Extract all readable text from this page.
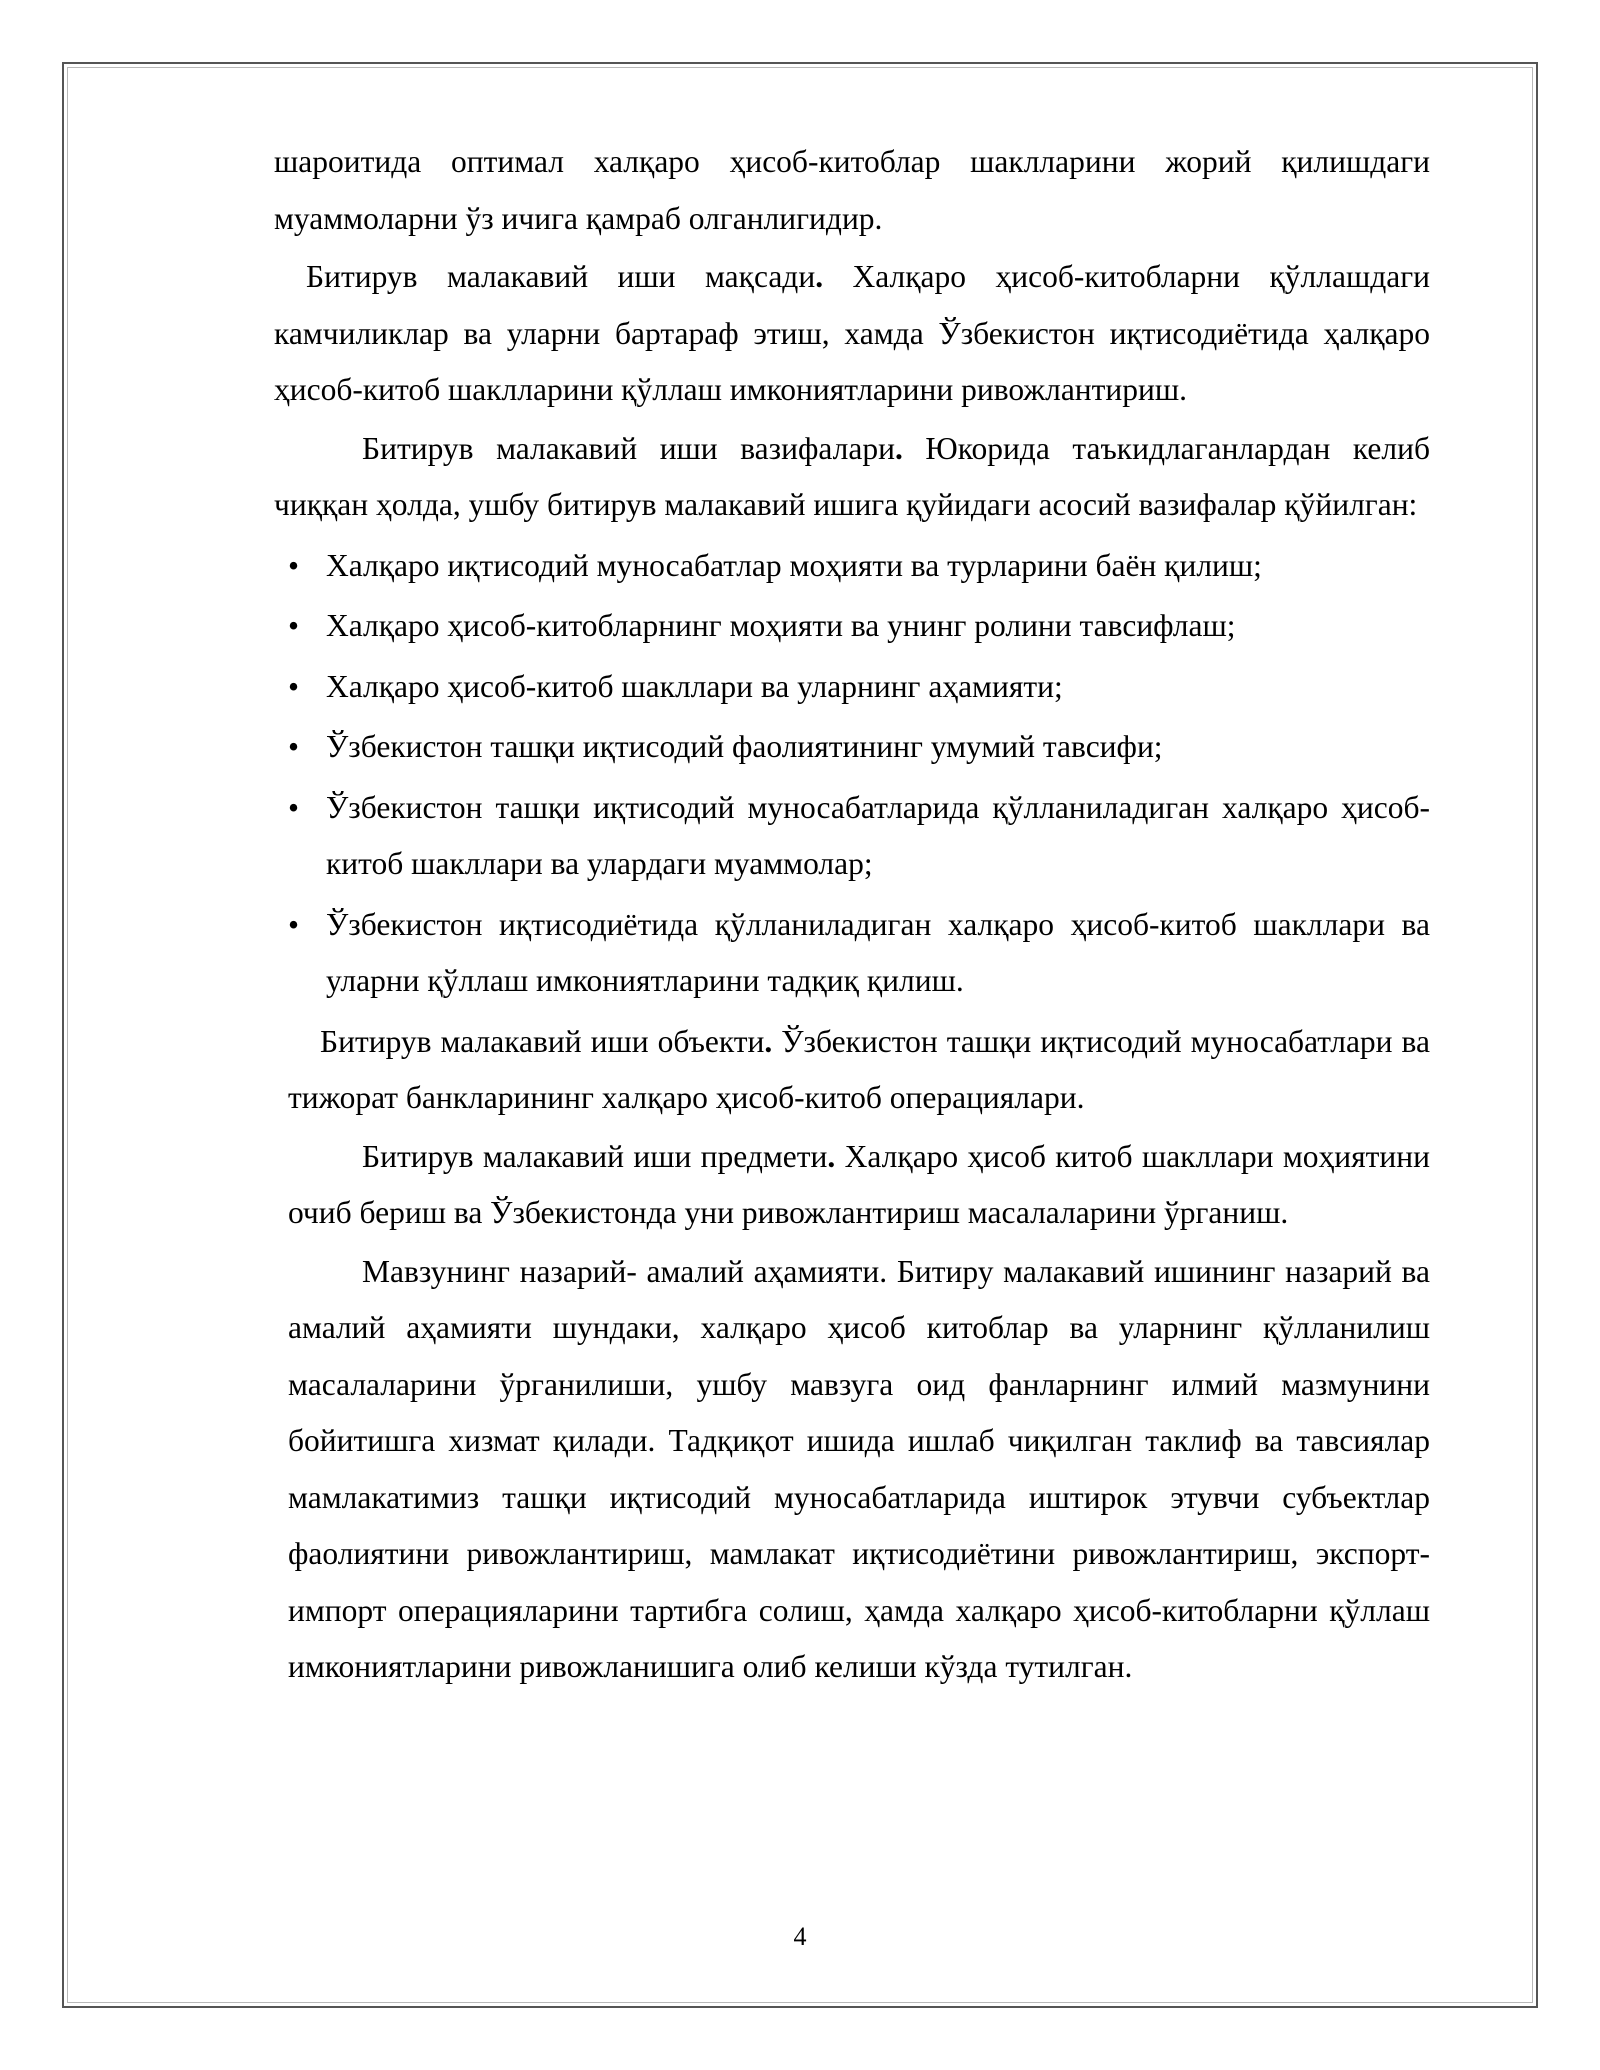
шароитида оптимал халқаро ҳисоб-китоблар шаклларини жорий қилишдаги муаммоларни ўз ичига қамраб олганлигидир.

Битирув малакавий иши мақсади. Халқаро ҳисоб-китобларни қўллашдаги камчиликлар ва уларни бартараф этиш, хамда Ўзбекистон иқтисодиётида ҳалқаро ҳисоб-китоб шаклларини қўллаш имкониятларини ривожлантириш.

Битирув малакавий иши вазифалари. Юкорида таъкидлаганлардан келиб чиққан ҳолда, ушбу битирув малакавий ишига қуйидаги асосий вазифалар қўйилган:

• Халқаро иқтисодий муносабатлар моҳияти ва турларини баён қилиш;
• Халқаро ҳисоб-китобларнинг моҳияти ва унинг ролини тавсифлаш;
• Халқаро ҳисоб-китоб шакллари ва уларнинг аҳамияти;
• Ўзбекистон ташқи иқтисодий фаолиятининг умумий тавсифи;
• Ўзбекистон ташқи иқтисодий муносабатларида қўлланиладиган халқаро ҳисоб-китоб шакллари ва улардаги муаммолар;
• Ўзбекистон иқтисодиётида қўлланиладиган халқаро ҳисоб-китоб шакллари ва уларни қўллаш имкониятларини тадқиқ қилиш.

Битирув малакавий иши объекти. Ўзбекистон ташқи иқтисодий муносабатлари ва тижорат банкларининг халқаро ҳисоб-китоб операциялари.

Битирув малакавий иши предмети. Халқаро ҳисоб китоб шакллари моҳиятини очиб бериш ва Ўзбекистонда уни ривожлантириш масалаларини ўрганиш.

Мавзунинг назарий- амалий аҳамияти. Битиру малакавий ишининг назарий ва амалий аҳамияти шундаки, халқаро ҳисоб китоблар ва уларнинг қўлланилиш масалаларини ўрганилиши, ушбу мавзуга оид фанларнинг илмий мазмунини бойитишга хизмат қилади. Тадқиқот ишида ишлаб чиқилган таклиф ва тавсиялар мамлакатимиз ташқи иқтисодий муносабатларида иштирок этувчи субъектлар фаолиятини ривожлантириш, мамлакат иқтисодиётини ривожлантириш, экспорт-импорт операцияларини тартибга солиш, ҳамда халқаро ҳисоб-китобларни қўллаш имкониятларини ривожланишига олиб келиши кўзда тутилган.

4
